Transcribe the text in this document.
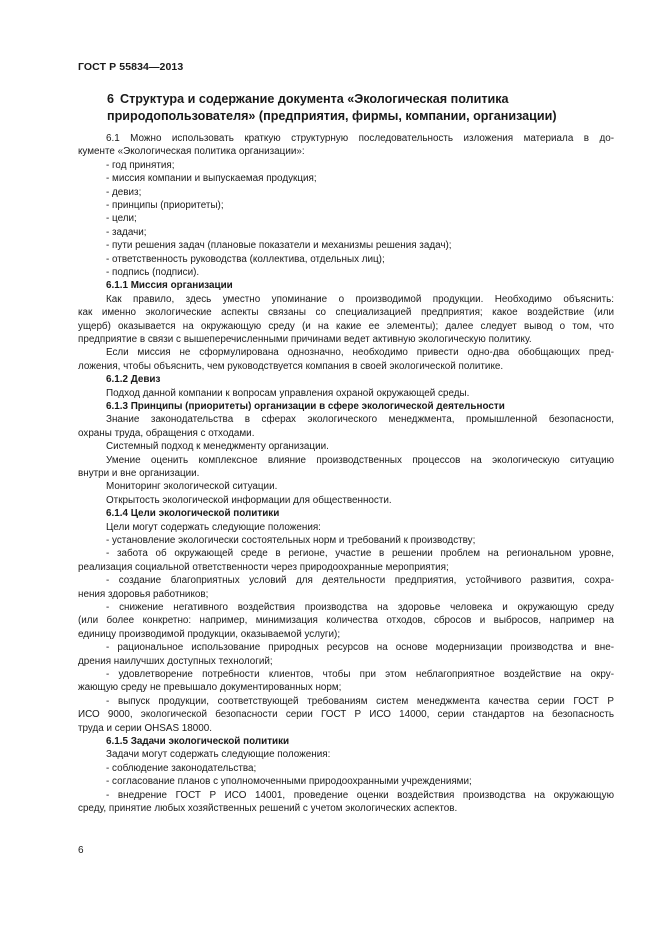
ГОСТ Р 55834—2013
6 Структура и содержание документа «Экологическая политика
природопользователя» (предприятия, фирмы, компании, организации)
6.1 Можно использовать краткую структурную последовательность изложения материала в до-
кументе «Экологическая политика организации»:
- год принятия;
- миссия компании и выпускаемая продукция;
- девиз;
- принципы (приоритеты);
- цели;
- задачи;
- пути решения задач (плановые показатели и механизмы решения задач);
- ответственность руководства (коллектива, отдельных лиц);
- подпись (подписи).
6.1.1 Миссия организации
Как правило, здесь уместно упоминание о производимой продукции. Необходимо объяснить:
как именно экологические аспекты связаны со специализацией предприятия; какое воздействие (или
ущерб) оказывается на окружающую среду (и на какие ее элементы); далее следует вывод о том, что
предприятие в связи с вышеперечисленными причинами ведет активную экологическую политику.
Если миссия не сформулирована однозначно, необходимо привести одно-два обобщающих пред-
ложения, чтобы объяснить, чем руководствуется компания в своей экологической политике.
6.1.2 Девиз
Подход данной компании к вопросам управления охраной окружающей среды.
6.1.3 Принципы (приоритеты) организации в сфере экологической деятельности
Знание законодательства в сферах экологического менеджмента, промышленной безопасности,
охраны труда, обращения с отходами.
Системный подход к менеджменту организации.
Умение оценить комплексное влияние производственных процессов на экологическую ситуацию
внутри и вне организации.
Мониторинг экологической ситуации.
Открытость экологической информации для общественности.
6.1.4 Цели экологической политики
Цели могут содержать следующие положения:
- установление экологически состоятельных норм и требований к производству;
- забота об окружающей среде в регионе, участие в решении проблем на региональном уровне,
реализация социальной ответственности через природоохранные мероприятия;
- создание благоприятных условий для деятельности предприятия, устойчивого развития, сохра-
нения здоровья работников;
- снижение негативного воздействия производства на здоровье человека и окружающую среду
(или более конкретно: например, минимизация количества отходов, сбросов и выбросов, например на
единицу производимой продукции, оказываемой услуги);
- рациональное использование природных ресурсов на основе модернизации производства и вне-
дрения наилучших доступных технологий;
- удовлетворение потребности клиентов, чтобы при этом неблагоприятное воздействие на окру-
жающую среду не превышало документированных норм;
- выпуск продукции, соответствующей требованиям систем менеджмента качества серии ГОСТ Р
ИСО 9000, экологической безопасности серии ГОСТ Р ИСО 14000, серии стандартов на безопасность
труда и серии OHSAS 18000.
6.1.5 Задачи экологической политики
Задачи могут содержать следующие положения:
- соблюдение законодательства;
- согласование планов с уполномоченными природоохранными учреждениями;
- внедрение ГОСТ Р ИСО 14001, проведение оценки воздействия производства на окружающую
среду, принятие любых хозяйственных решений с учетом экологических аспектов.
6
